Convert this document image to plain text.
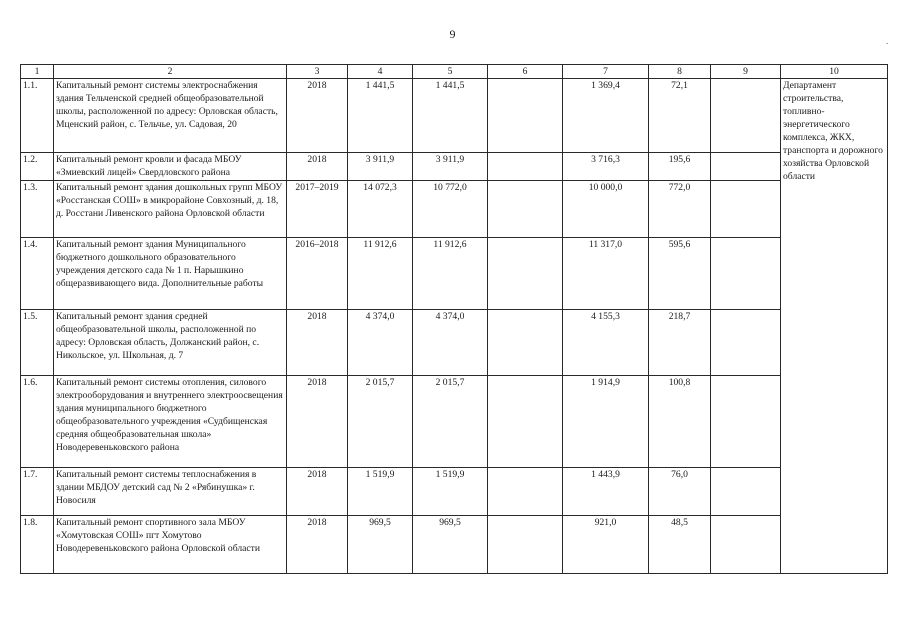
9	.
1	2	3	4	5	6	7	8	9	10
1.1.	Капитальный ремонт системы электроснабжения здания Тельченской средней общеобразовательной школы, расположенной по адресу: Орловская область, Мценский район, с. Тельчье, ул. Садовая, 20	2018	1 441,5	1 441,5		1 369,4	72,1		Департамент строительства, топливно-энергетического комплекса, ЖКХ, транспорта и дорожного хозяйства Орловской области
1.2.	Капитальный ремонт кровли и фасада МБОУ «Змиевский лицей» Свердловского района	2018	3 911,9	3 911,9		3 716,3	195,6		
1.3.	Капитальный ремонт здания дошкольных групп МБОУ «Росстанская СОШ» в микрорайоне Совхозный, д. 18, д. Росстани Ливенского района Орловской области	2017–2019	14 072,3	10 772,0		10 000,0	772,0		
1.4.	Капитальный ремонт здания Муниципального бюджетного дошкольного образовательного учреждения детского сада № 1 п. Нарышкино общеразвивающего вида. Дополнительные работы	2016–2018	11 912,6	11 912,6		11 317,0	595,6		
1.5.	Капитальный ремонт здания средней общеобразовательной школы, расположенной по адресу: Орловская область, Должанский район, с. Никольское, ул. Школьная, д. 7	2018	4 374,0	4 374,0		4 155,3	218,7		
1.6.	Капитальный ремонт системы отопления, силового электрооборудования и внутреннего электроосвещения здания муниципального бюджетного общеобразовательного учреждения «Судбищенская средняя общеобразовательная школа» Новодеревеньковского района	2018	2 015,7	2 015,7		1 914,9	100,8		
1.7.	Капитальный ремонт системы теплоснабжения в здании МБДОУ детский сад № 2 «Рябинушка» г. Новосиля	2018	1 519,9	1 519,9		1 443,9	76,0		
1.8.	Капитальный ремонт спортивного зала МБОУ «Хомутовская СОШ» пгт Хомутово Новодеревеньковского района Орловской области	2018	969,5	969,5		921,0	48,5		
